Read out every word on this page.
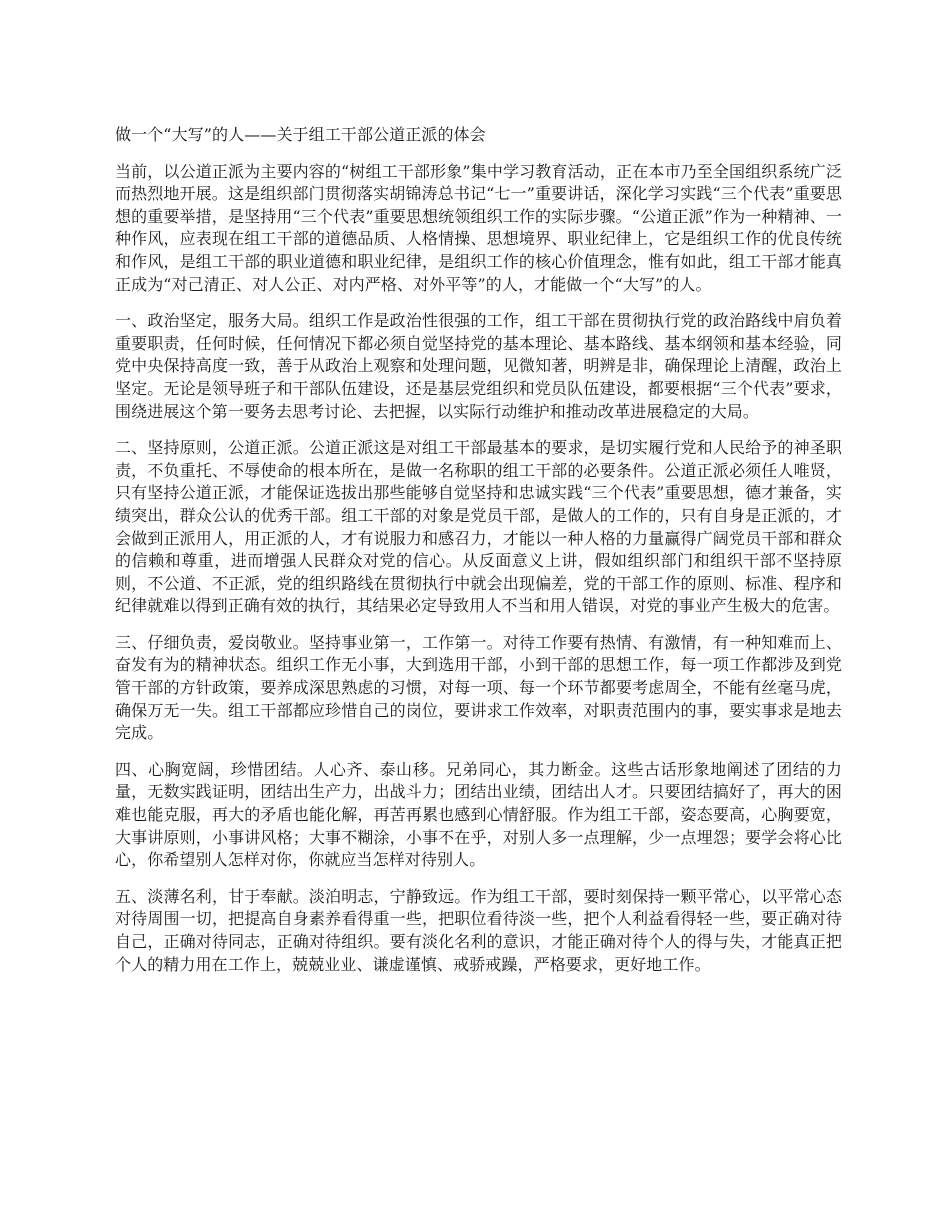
做一个“大写”的人——关于组工干部公道正派的体会

当前，以公道正派为主要内容的“树组工干部形象”集中学习教育活动，正在本市乃至全国组织系统广泛而热烈地开展。这是组织部门贯彻落实胡锦涛总书记“七一”重要讲话，深化学习实践“三个代表”重要思想的重要举措，是坚持用“三个代表”重要思想统领组织工作的实际步骤。“公道正派”作为一种精神、一种作风，应表现在组工干部的道德品质、人格情操、思想境界、职业纪律上，它是组织工作的优良传统和作风，是组工干部的职业道德和职业纪律，是组织工作的核心价值理念，惟有如此，组工干部才能真正成为“对己清正、对人公正、对内严格、对外平等”的人，才能做一个“大写”的人。

一、政治坚定，服务大局。组织工作是政治性很强的工作，组工干部在贯彻执行党的政治路线中肩负着重要职责，任何时候，任何情况下都必须自觉坚持党的基本理论、基本路线、基本纲领和基本经验，同党中央保持高度一致，善于从政治上观察和处理问题，见微知著，明辨是非，确保理论上清醒，政治上坚定。无论是领导班子和干部队伍建设，还是基层党组织和党员队伍建设，都要根据“三个代表”要求，围绕进展这个第一要务去思考讨论、去把握，以实际行动维护和推动改革进展稳定的大局。

二、坚持原则，公道正派。公道正派这是对组工干部最基本的要求，是切实履行党和人民给予的神圣职责，不负重托、不辱使命的根本所在，是做一名称职的组工干部的必要条件。公道正派必须任人唯贤，只有坚持公道正派，才能保证选拔出那些能够自觉坚持和忠诚实践“三个代表”重要思想，德才兼备，实绩突出，群众公认的优秀干部。组工干部的对象是党员干部，是做人的工作的，只有自身是正派的，才会做到正派用人，用正派的人，才有说服力和感召力，才能以一种人格的力量赢得广阔党员干部和群众的信赖和尊重，进而增强人民群众对党的信心。从反面意义上讲，假如组织部门和组织干部不坚持原则，不公道、不正派，党的组织路线在贯彻执行中就会出现偏差，党的干部工作的原则、标准、程序和纪律就难以得到正确有效的执行，其结果必定导致用人不当和用人错误，对党的事业产生极大的危害。

三、仔细负责，爱岗敬业。坚持事业第一，工作第一。对待工作要有热情、有激情，有一种知难而上、奋发有为的精神状态。组织工作无小事，大到选用干部，小到干部的思想工作，每一项工作都涉及到党管干部的方针政策，要养成深思熟虑的习惯，对每一项、每一个环节都要考虑周全，不能有丝毫马虎，确保万无一失。组工干部都应珍惜自己的岗位，要讲求工作效率，对职责范围内的事，要实事求是地去完成。

四、心胸宽阔，珍惜团结。人心齐、泰山移。兄弟同心，其力断金。这些古话形象地阐述了团结的力量，无数实践证明，团结出生产力，出战斗力；团结出业绩，团结出人才。只要团结搞好了，再大的困难也能克服，再大的矛盾也能化解，再苦再累也感到心情舒服。作为组工干部，姿态要高，心胸要宽，大事讲原则，小事讲风格；大事不糊涂，小事不在乎，对别人多一点理解，少一点埋怨；要学会将心比心，你希望别人怎样对你，你就应当怎样对待别人。

五、淡薄名利，甘于奉献。淡泊明志，宁静致远。作为组工干部，要时刻保持一颗平常心，以平常心态对待周围一切，把提高自身素养看得重一些，把职位看待淡一些，把个人利益看得轻一些，要正确对待自己，正确对待同志，正确对待组织。要有淡化名利的意识，才能正确对待个人的得与失，才能真正把个人的精力用在工作上，兢兢业业、谦虚谨慎、戒骄戒躁，严格要求，更好地工作。
